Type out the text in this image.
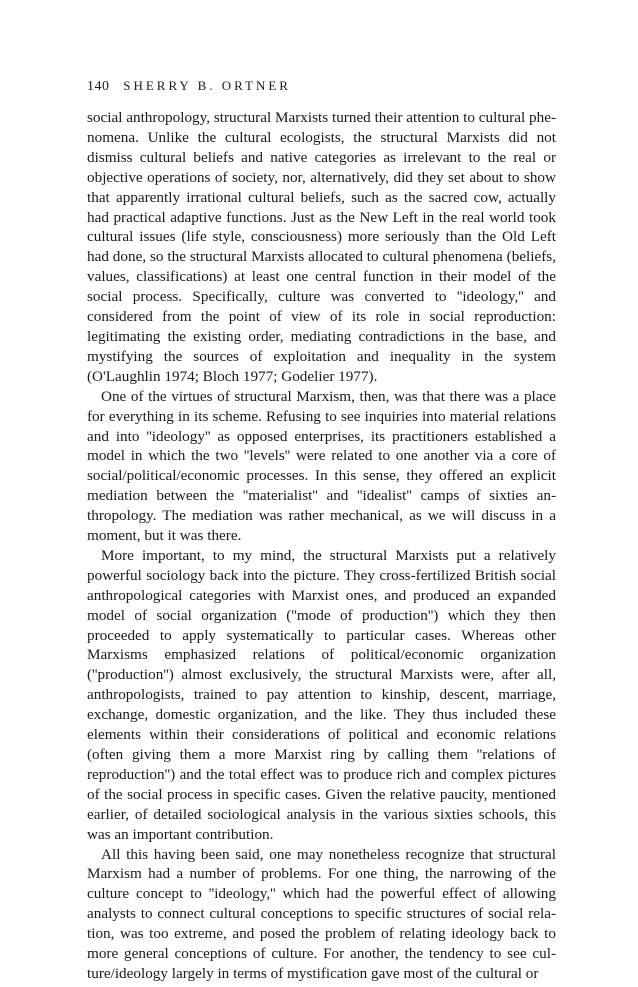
140 SHERRY B. ORTNER

social anthropology, structural Marxists turned their attention to cultural phenomena. Unlike the cultural ecologists, the structural Marxists did not dismiss cultural beliefs and native categories as irrelevant to the real or objective operations of society, nor, alternatively, did they set about to show that apparently irrational cultural beliefs, such as the sacred cow, actually had practical adaptive functions. Just as the New Left in the real world took cultural issues (life style, consciousness) more seriously than the Old Left had done, so the structural Marxists allocated to cultural phenomena (beliefs, values, classifications) at least one central function in their model of the social process. Specifically, culture was converted to ''ideology,'' and considered from the point of view of its role in social reproduction: legitimating the existing order, mediating contradictions in the base, and mystifying the sources of exploitation and inequality in the system (O'Laughlin 1974; Bloch 1977; Godelier 1977).

One of the virtues of structural Marxism, then, was that there was a place for everything in its scheme. Refusing to see inquiries into material relations and into ''ideology'' as opposed enterprises, its practitioners established a model in which the two ''levels'' were related to one another via a core of social/political/economic processes. In this sense, they offered an explicit mediation between the ''materialist'' and ''idealist'' camps of sixties anthropology. The mediation was rather mechanical, as we will discuss in a moment, but it was there.

More important, to my mind, the structural Marxists put a relatively powerful sociology back into the picture. They cross-fertilized British social anthropological categories with Marxist ones, and produced an expanded model of social organization (''mode of production'') which they then proceeded to apply systematically to particular cases. Whereas other Marxisms emphasized relations of political/economic organization (''production'') almost exclusively, the structural Marxists were, after all, anthropologists, trained to pay attention to kinship, descent, marriage, exchange, domestic organization, and the like. They thus included these elements within their considerations of political and economic relations (often giving them a more Marxist ring by calling them ''relations of reproduction'') and the total effect was to produce rich and complex pictures of the social process in specific cases. Given the relative paucity, mentioned earlier, of detailed sociological analysis in the various sixties schools, this was an important contribution.

All this having been said, one may nonetheless recognize that structural Marxism had a number of problems. For one thing, the narrowing of the culture concept to ''ideology,'' which had the powerful effect of allowing analysts to connect cultural conceptions to specific structures of social relation, was too extreme, and posed the problem of relating ideology back to more general conceptions of culture. For another, the tendency to see culture/ideology largely in terms of mystification gave most of the cultural or
